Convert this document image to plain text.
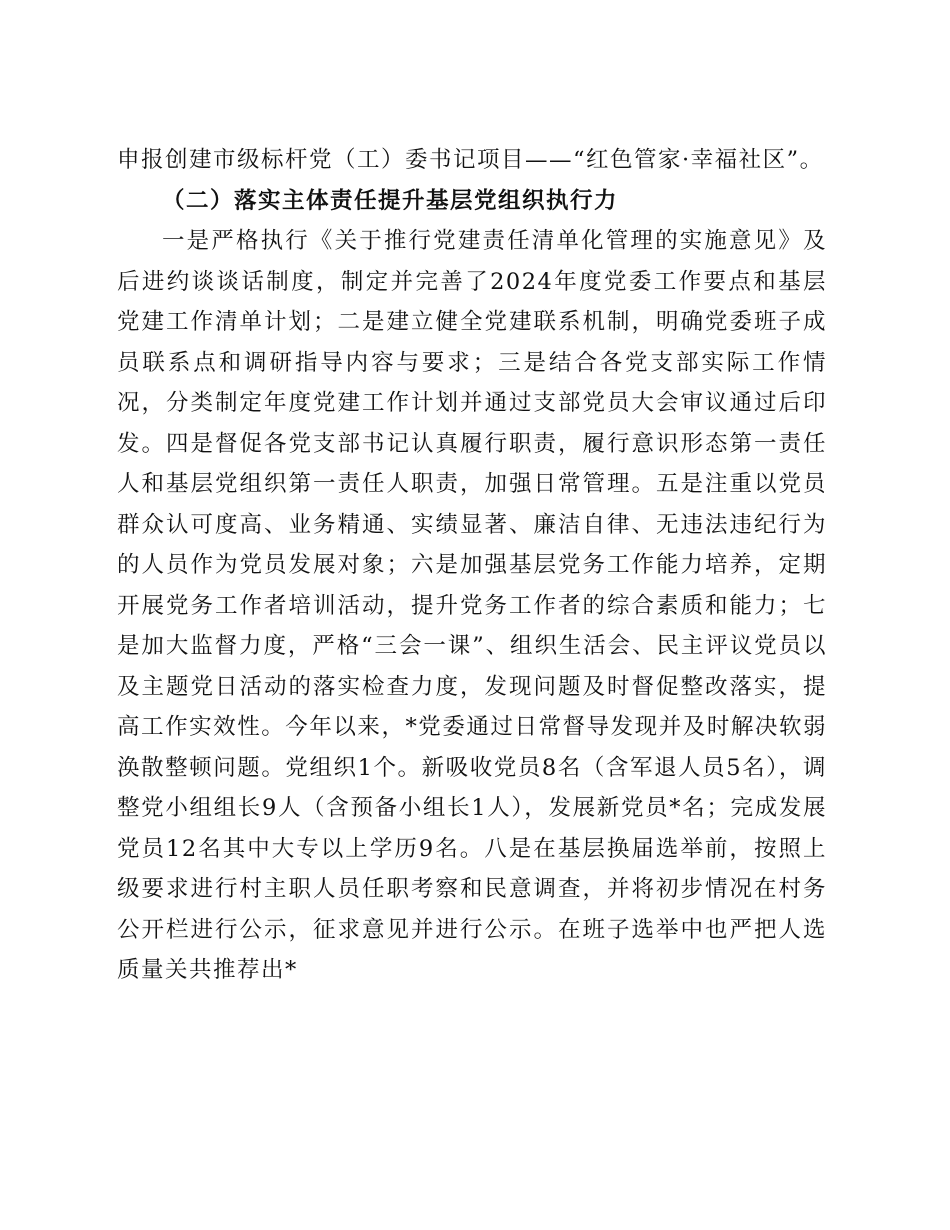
申报创建市级标杆党（工）委书记项目——“红色管家·幸福社区”。

（二）落实主体责任提升基层党组织执行力

一是严格执行《关于推行党建责任清单化管理的实施意见》及后进约谈谈话制度，制定并完善了2024年度党委工作要点和基层党建工作清单计划；二是建立健全党建联系机制，明确党委班子成员联系点和调研指导内容与要求；三是结合各党支部实际工作情况，分类制定年度党建工作计划并通过支部党员大会审议通过后印发。四是督促各党支部书记认真履行职责，履行意识形态第一责任人和基层党组织第一责任人职责，加强日常管理。五是注重以党员群众认可度高、业务精通、实绩显著、廉洁自律、无违法违纪行为的人员作为党员发展对象；六是加强基层党务工作能力培养，定期开展党务工作者培训活动，提升党务工作者的综合素质和能力；七是加大监督力度，严格“三会一课”、组织生活会、民主评议党员以及主题党日活动的落实检查力度，发现问题及时督促整改落实，提高工作实效性。今年以来，*党委通过日常督导发现并及时解决软弱涣散整顿问题。党组织1个。新吸收党员8名（含军退人员5名），调整党小组组长9人（含预备小组长1人），发展新党员*名；完成发展党员12名其中大专以上学历9名。八是在基层换届选举前，按照上级要求进行村主职人员任职考察和民意调查，并将初步情况在村务公开栏进行公示，征求意见并进行公示。在班子选举中也严把人选质量关共推荐出*
